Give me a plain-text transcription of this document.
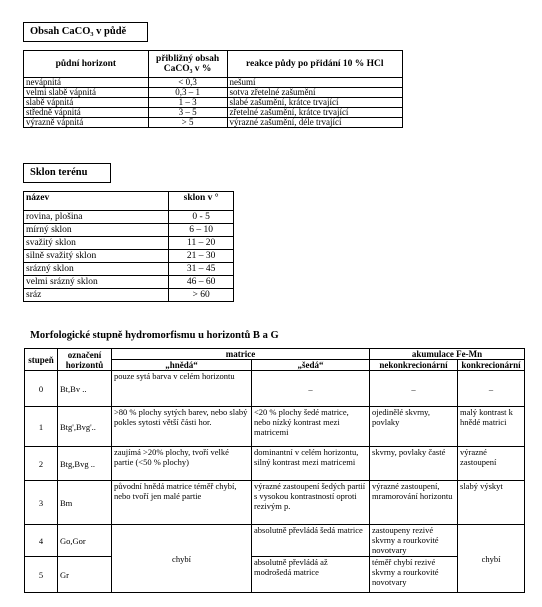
Obsah CaCO₃ v půdě
půdní horizont	přibližný obsah CaCO₃ v %	reakce půdy po přidání 10 % HCl
nevápnitá	< 0,3	nešumí
velmi slabě vápnitá	0,3 – 1	sotva zřetelné zašumění
slabě vápnitá	1 – 3	slabé zašumění, krátce trvající
středně vápnitá	3 – 5	zřetelné zašumění, krátce trvající
výrazně vápnitá	> 5	výrazné zašumění, déle trvající
Sklon terénu
název	sklon v °
rovina, plošina	0 - 5
mírný sklon	6 – 10
svažitý sklon	11 – 20
silně svažitý sklon	21 – 30
srázný sklon	31 – 45
velmi srázný sklon	46 – 60
sráz	> 60
Morfologické stupně hydromorfismu u horizontů B a G
stupeň	označení horizontů	matrice		akumulace Fe-Mn	
		„hnědá“	„šedá“	nekonkrecionární	konkrecionární
0	Bt,Bv ..	pouze sytá barva v celém horizontu	–	–	–
1	Btg',Bvg'..	>80 % plochy sytých barev, nebo slabý pokles sytosti větší části hor.	<20 % plochy šedé matrice, nebo nízký kontrast mezi matricemi	ojedinělé skvrny, povlaky	malý kontrast k hnědé matrici
2	Btg,Bvg ..	zaujímá >20% plochy, tvoří velké partie (<50 % plochy)	dominantní v celém horizontu, silný kontrast mezi matricemi	skvrny, povlaky časté	výrazné zastoupení
3	Bm	původní hnědá matrice téměř chybí, nebo tvoří jen malé partie	výrazné zastoupení šedých partií s vysokou kontrastností oproti rezivým p.	výrazné zastoupení, mramorování horizontu	slabý výskyt
4	Go,Gor	chybí	absolutně převládá šedá matrice	zastoupeny rezivé skvrny a rourkovité novotvary	chybí
5	Gr		absolutně převládá až modrošedá matrice	téměř chybí rezivé skvrny a rourkovité novotvary	
